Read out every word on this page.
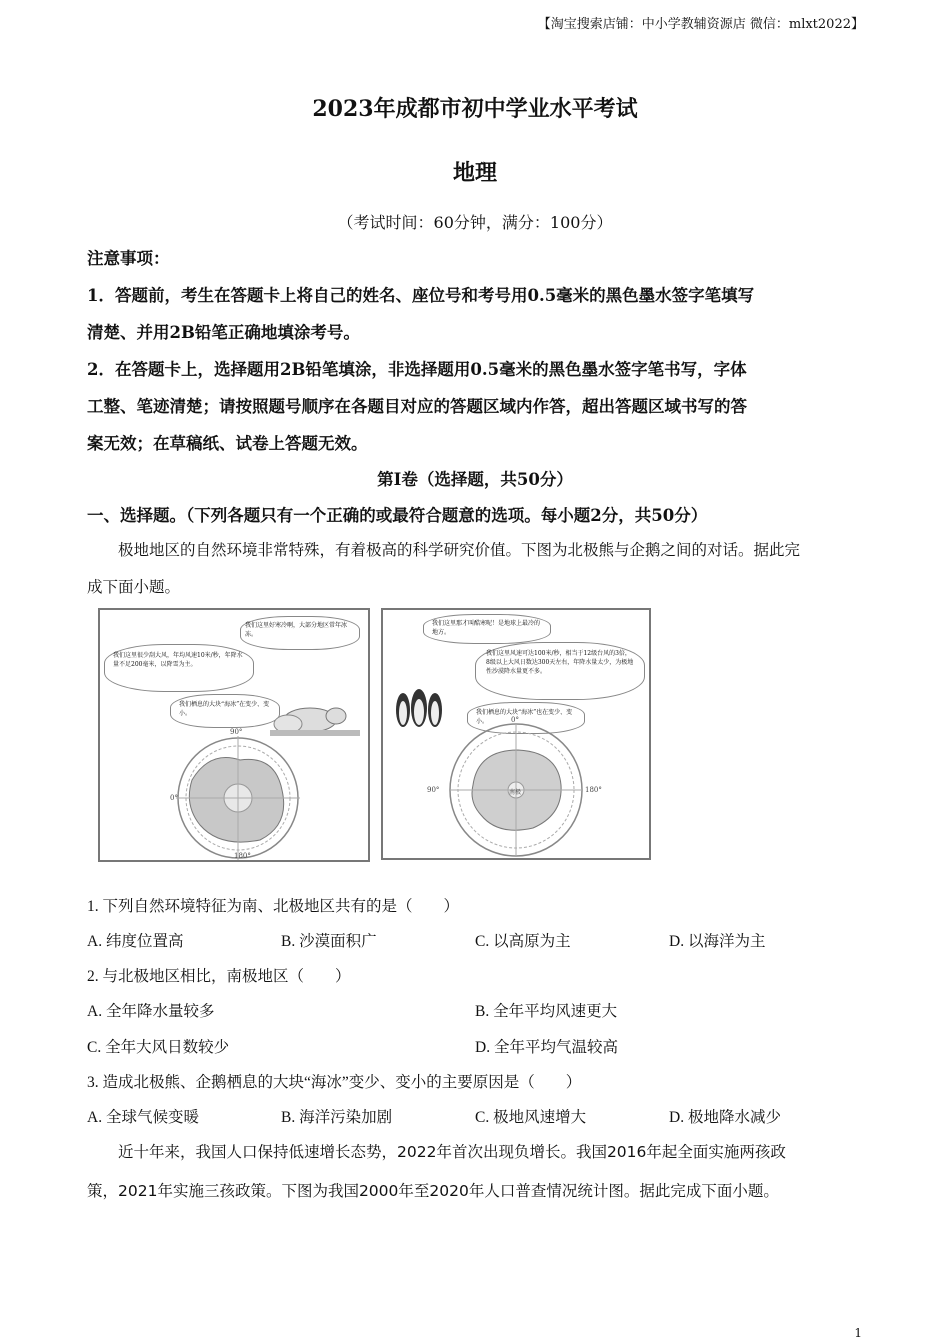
【淘宝搜索店铺：中小学教辅资源店 微信：mlxt2022】
2023年成都市初中学业水平考试
地理
（考试时间：60分钟，满分：100分）
注意事项：
1．答题前，考生在答题卡上将自己的姓名、座位号和考号用0.5毫米的黑色墨水签字笔填写
清楚、并用2B铅笔正确地填涂考号。
2．在答题卡上，选择题用2B铅笔填涂，非选择题用0.5毫米的黑色墨水签字笔书写，字体
工整、笔迹清楚；请按照题号顺序在各题目对应的答题区域内作答，超出答题区域书写的答
案无效；在草稿纸、试卷上答题无效。
第Ⅰ卷（选择题，共50分）
一、选择题。（下列各题只有一个正确的或最符合题意的选项。每小题2分，共50分）
极地地区的自然环境非常特殊，有着极高的科学研究价值。下图为北极熊与企鹅之间的对话。据此完
成下面小题。
我们这里好寒冷啊，大部分地区常年冰冻。
我们这里很少刮大风，年均风速10米/秒，年降水量不足200毫米，以降雪为主。
我们栖息的大块“海冰”在变少、变小。
90°
0°
180°
我们这里那才叫酷寒呢！是地球上最冷的地方。
我们这里风速可达100米/秒，相当于12级台风的3倍，8级以上大风日数达300天左右，年降水量太少，为极地性沙漠降水量更不多。
我们栖息的大块“海冰”也在变少、变小。	0°
90°	180°
南极
1. 下列自然环境特征为南、北极地区共有的是（　　）
A. 纬度位置高	B. 沙漠面积广	C. 以高原为主	D. 以海洋为主
2. 与北极地区相比，南极地区（　　）
A. 全年降水量较多	B. 全年平均风速更大
C. 全年大风日数较少	D. 全年平均气温较高
3. 造成北极熊、企鹅栖息的大块“海冰”变少、变小的主要原因是（　　）
A. 全球气候变暖	B. 海洋污染加剧	C. 极地风速增大	D. 极地降水减少
近十年来，我国人口保持低速增长态势，2022年首次出现负增长。我国2016年起全面实施两孩政
策，2021年实施三孩政策。下图为我国2000年至2020年人口普查情况统计图。据此完成下面小题。
1
